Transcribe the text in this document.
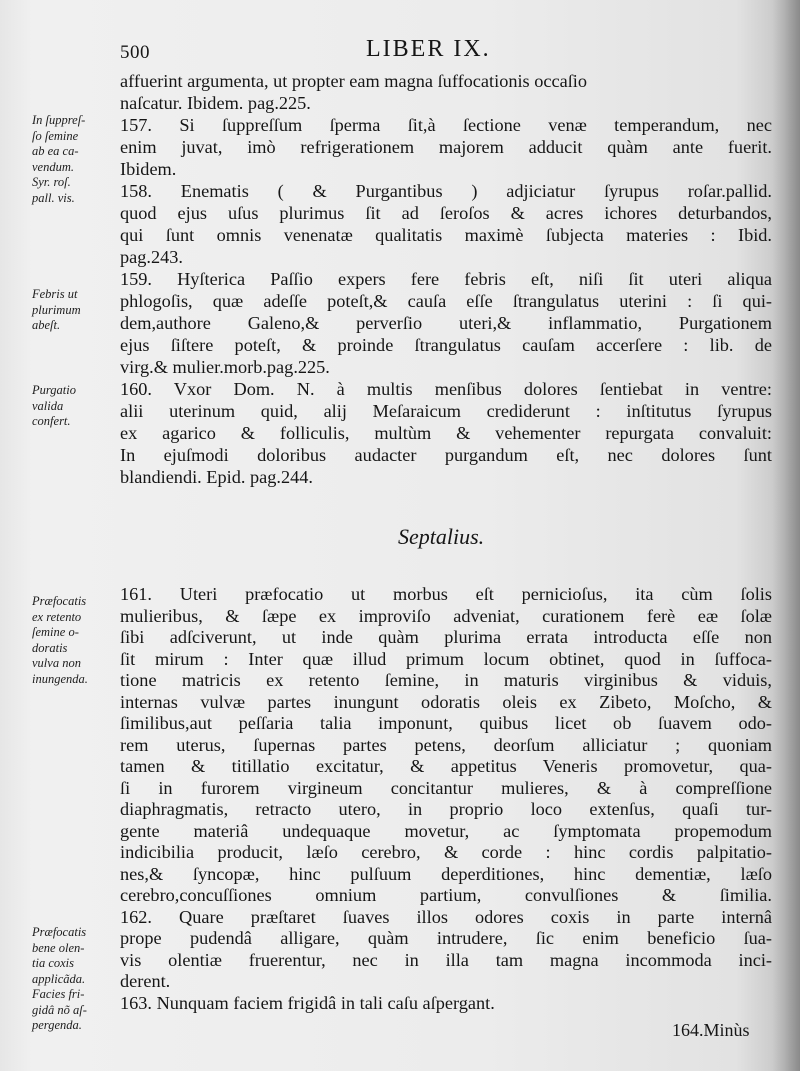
500	LIBER IX.
affuerint argumenta, ut propter eam magna ſuffocationis occaſio
naſcatur. Ibidem. pag.225.
157. Si ſuppreſſum ſperma ſit,à ſectione venæ temperandum, nec
enim juvat, imò refrigerationem majorem adducit quàm ante fuerit.
Ibidem.
158. Enematis ( & Purgantibus ) adjiciatur ſyrupus roſar.pallid.
quod ejus uſus plurimus ſit ad ſeroſos & acres ichores deturbandos,
qui ſunt omnis venenatæ qualitatis maximè ſubjecta materies : Ibid.
pag.243.
159. Hyſterica Paſſio expers fere febris eſt, niſi ſit uteri aliqua
phlogoſis, quæ adeſſe poteſt,& cauſa eſſe ſtrangulatus uterini : ſi qui-
dem,authore Galeno,& perverſio uteri,& inflammatio, Purgationem
ejus ſiſtere poteſt, & proinde ſtrangulatus cauſam accerſere : lib. de
virg.& mulier.morb.pag.225.
160. Vxor Dom. N. à multis menſibus dolores ſentiebat in ventre:
alii uterinum quid, alij Meſaraicum crediderunt : inſtitutus ſyrupus
ex agarico & folliculis, multùm & vehementer repurgata convaluit:
In ejuſmodi doloribus audacter purgandum eſt, nec dolores ſunt
blandiendi. Epid. pag.244.
Septalius.
161. Uteri præfocatio ut morbus eſt pernicioſus, ita cùm ſolis
mulieribus, & ſæpe ex improviſo adveniat, curationem ferè eæ ſolæ
ſibi adſciverunt, ut inde quàm plurima errata introducta eſſe non
ſit mirum : Inter quæ illud primum locum obtinet, quod in ſuffoca-
tione matricis ex retento ſemine, in maturis virginibus & viduis,
internas vulvæ partes inungunt odoratis oleis ex Zibeto, Moſcho, &
ſimilibus,aut peſſaria talia imponunt, quibus licet ob ſuavem odo-
rem uterus, ſupernas partes petens, deorſum alliciatur ; quoniam
tamen & titillatio excitatur, & appetitus Veneris promovetur, qua-
ſi in furorem virgineum concitantur mulieres, & à compreſſione
diaphragmatis, retracto utero, in proprio loco extenſus, quaſi tur-
gente materiâ undequaque movetur, ac ſymptomata propemodum
indicibilia producit, læſo cerebro, & corde : hinc cordis palpitatio-
nes,& ſyncopæ, hinc pulſuum deperditiones, hinc dementiæ, læſo
cerebro,concuſſiones omnium partium, convulſiones & ſimilia.
162. Quare præſtaret ſuaves illos odores coxis in parte internâ
prope pudendâ alligare, quàm intrudere, ſic enim beneficio ſua-
vis olentiæ fruerentur, nec in illa tam magna incommoda inci-
derent.
163. Nunquam faciem frigidâ in tali caſu aſpergant.
In ſuppreſ-
ſo ſemine
ab ea ca-
vendum.
Syr. roſ.
pall. vis.
Febris ut
plurimum
abeſt.
Purgatio
valida
confert.
Præfocatis
ex retento
ſemine o-
doratis
vulva non
inungenda.
Præfocatis
bene olen-
tia coxis
applicãda.
Facies fri-
gidâ nõ aſ-
pergenda.	164.Minùs
